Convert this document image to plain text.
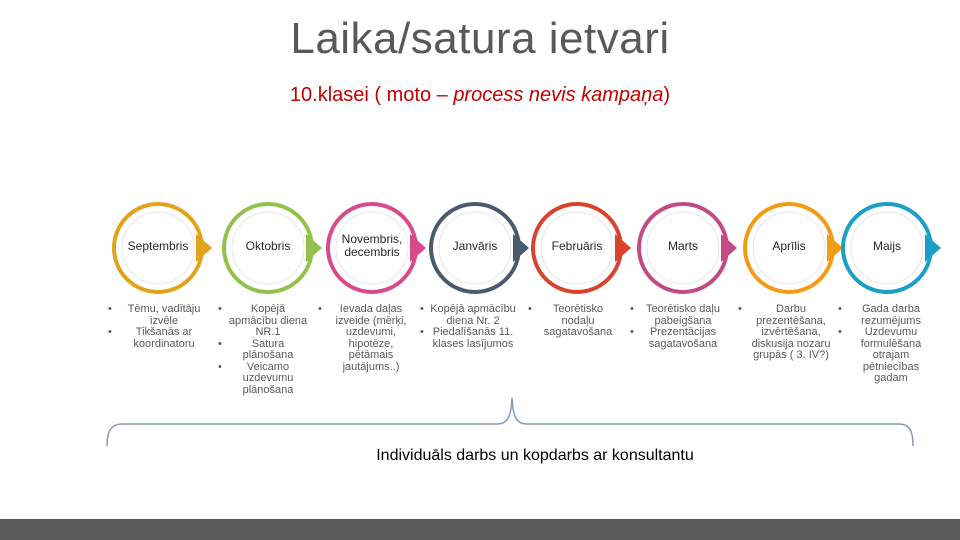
Laika/satura ietvari
10.klasei ( moto – process nevis kampaņa)
Septembris	Oktobris	Novembris, decembris	Janvāris	Februāris	Marts	Aprīlis	Maijs
• Tēmu, vadītāju izvēle
• Tikšanās ar koordinatoru
• Kopējā apmācību diena NR.1
• Satura plānošana
• Veicamo uzdevumu plānošana
• Ievada daļas izveide (mērķi, uzdevumi, hipotēze, pētāmais jautājums..)
• Kopējā apmācību diena Nr. 2
• Piedalīšanās 11. klases lasījumos
• Teorētisko nodaļu sagatavošana
• Teorētisko daļu pabeigšana
• Prezentācijas sagatavošana
• Darbu prezentēšana, izvērtēšana, diskusija nozaru grupās ( 3. IV?)
• Gada darba rezumējums
• Uzdevumu formulēšana otrajam pētniecības gadam
Individuāls darbs un kopdarbs ar konsultantu
